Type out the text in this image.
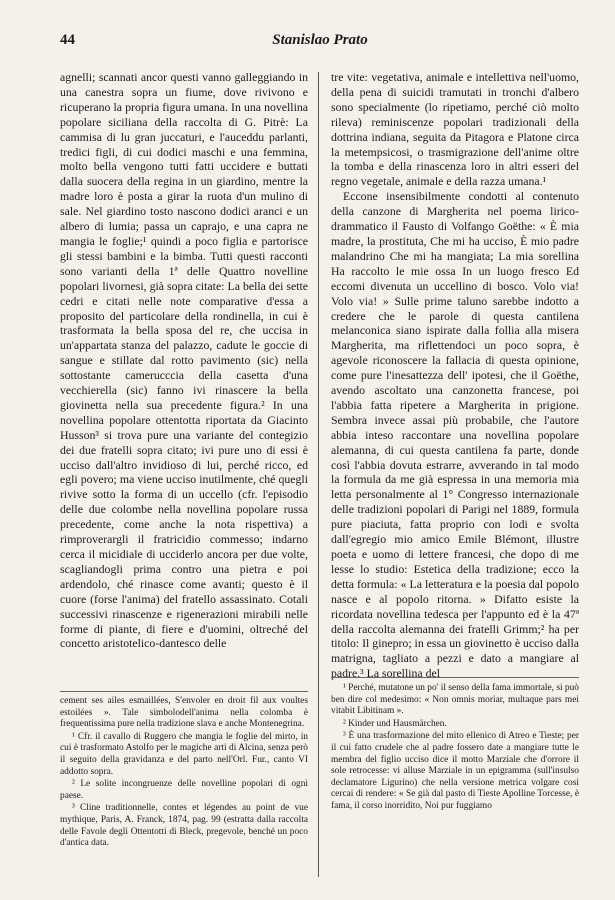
44	Stanislao Prato

agnelli; scannati ancor questi vanno galleggiando in una canestra sopra un fiume, dove rivivono e ricuperano la propria figura umana. In una novellina popolare siciliana della raccolta di G. Pitrè: La cammisa di lu gran juccaturi, e l'auceddu parlanti, tredici figli, di cui dodici maschi e una femmina, molto bella vengono tutti fatti uccidere e buttati dalla suocera della regina in un giardino, mentre la madre loro è posta a girar la ruota d'un mulino di sale. Nel giardino tosto nascono dodici aranci e un albero di lumia; passa un caprajo, e una capra ne mangia le foglie;¹ quindi a poco figlia e partorisce gli stessi bambini e la bimba. Tutti questi racconti sono varianti della 1ª delle Quattro novelline popolari livornesi, già sopra citate: La bella dei sette cedri e citati nelle note comparative d'essa a proposito del particolare della rondinella, in cui è trasformata la bella sposa del re, che uccisa in un'appartata stanza del palazzo, cadute le goccie di sangue e stillate dal rotto pavimento (sic) nella sottostante camerucccia della casetta d'una vecchierella (sic) fanno ivi rinascere la bella giovinetta nella sua precedente figura.² In una novellina popolare ottentotta riportata da Giacinto Husson³ si trova pure una variante del contegizio dei due fratelli sopra citato; ivi pure uno di essi è ucciso dall'altro invidioso di lui, perché ricco, ed egli povero; ma viene ucciso inutilmente, ché quegli rivive sotto la forma di un uccello (cfr. l'episodio delle due colombe nella novellina popolare russa precedente, come anche la nota rispettiva) a rimproverargli il fratricidio commesso; indarno cerca il micidiale di ucciderlo ancora per due volte, scagliandogli prima contro una pietra e poi ardendolo, ché rinasce come avanti; questo è il cuore (forse l'anima) del fratello assassinato. Cotali successivi rinascenze e rigenerazioni mirabili nelle forme di piante, di fiere e d'uomini, oltreché del concetto aristotelico-dantesco delle

tre vite: vegetativa, animale e intellettiva nell'uomo, della pena di suicidi tramutati in tronchi d'albero sono specialmente (lo ripetiamo, perché ciò molto rileva) reminiscenze popolari tradizionali della dottrina indiana, seguita da Pitagora e Platone circa la metempsicosi, o trasmigrazione dell'anime oltre la tomba e della rinascenza loro in altri esseri del regno vegetale, animale e della razza umana.¹

Eccone insensibilmente condotti al contenuto della canzone di Margherita nel poema lirico-drammatico il Fausto di Volfango Goëthe: « È mia madre, la prostituta, Che mi ha ucciso, È mio padre malandrino Che mi ha mangiata; La mia sorellina Ha raccolto le mie ossa In un luogo fresco Ed eccomi divenuta un uccellino di bosco. Volo via! Volo via! » Sulle prime taluno sarebbe indotto a credere che le parole di questa cantilena melanconica siano ispirate dalla follia alla misera Margherita, ma riflettendoci un poco sopra, è agevole riconoscere la fallacia di questa opinione, come pure l'inesattezza dell' ipotesi, che il Goëthe, avendo ascoltato una canzonetta francese, poi l'abbia fatta ripetere a Margherita in prigione. Sembra invece assai più probabile, che l'autore abbia inteso raccontare una novellina popolare alemanna, di cui questa cantilena fa parte, donde così l'abbia dovuta estrarre, avverando in tal modo la formula da me già espressa in una memoria mia letta personalmente al 1° Congresso internazionale delle tradizioni popolari di Parigi nel 1889, formula pure piaciuta, fatta proprio con lodi e svolta dall'egregio mio amico Emile Blémont, illustre poeta e uomo di lettere francesi, che dopo di me lesse lo studio: Estetica della tradizione; ecco la detta formula: « La letteratura e la poesia dal popolo nasce e al popolo ritorna. » Difatto esiste la ricordata novellina tedesca per l'appunto ed è la 47ª della raccolta alemanna dei fratelli Grimm;² ha per titolo: Il ginepro; in essa un giovinetto è ucciso dalla matrigna, tagliato a pezzi e dato a mangiare al padre.³ La sorellina del

cement ses ailes esmaillées, S'envoler en droit fil aux voultes estoilées ». Tale simbolodell'anima nella colomba è frequentissima pure nella tradizione slava e anche Montenegrina.

¹ Cfr. il cavallo di Ruggero che mangia le foglie del mirto, in cui è trasformato Astolfo per le magiche arti di Alcina, senza però il seguito della gravidanza e del parto nell'Orl. Fur., canto VI addotto sopra.

² Le solite incongruenze delle novelline popolari di ogni paese.

³ Cline traditionnelle, contes et légendes au point de vue mythique, Paris, A. Franck, 1874, pag. 99 (estratta dalla raccolta delle Favole degli Ottentotti di Bleck, pregevole, benché un poco d'antica data.

¹ Perché, mutatone un po' il senso della fama immortale, si può ben dire col medesimo: « Non omnis moriar, multaque pars mei vitabit Libitinam ».

² Kinder und Hausmärchen.

³ È una trasformazione del mito ellenico di Atreo e Tieste; per il cui fatto crudele che al padre fossero date a mangiare tutte le membra del figlio ucciso dice il motto Marziale che d'orrore il sole retrocesse: vi alluse Marziale in un epigramma (sull'insulso declamatore Ligurino) che nella versione metrica volgare così cercai di rendere: « Se già dal pasto di Tieste Apolline Torcesse, è fama, il corso inorridito, Noi pur fuggiamo
